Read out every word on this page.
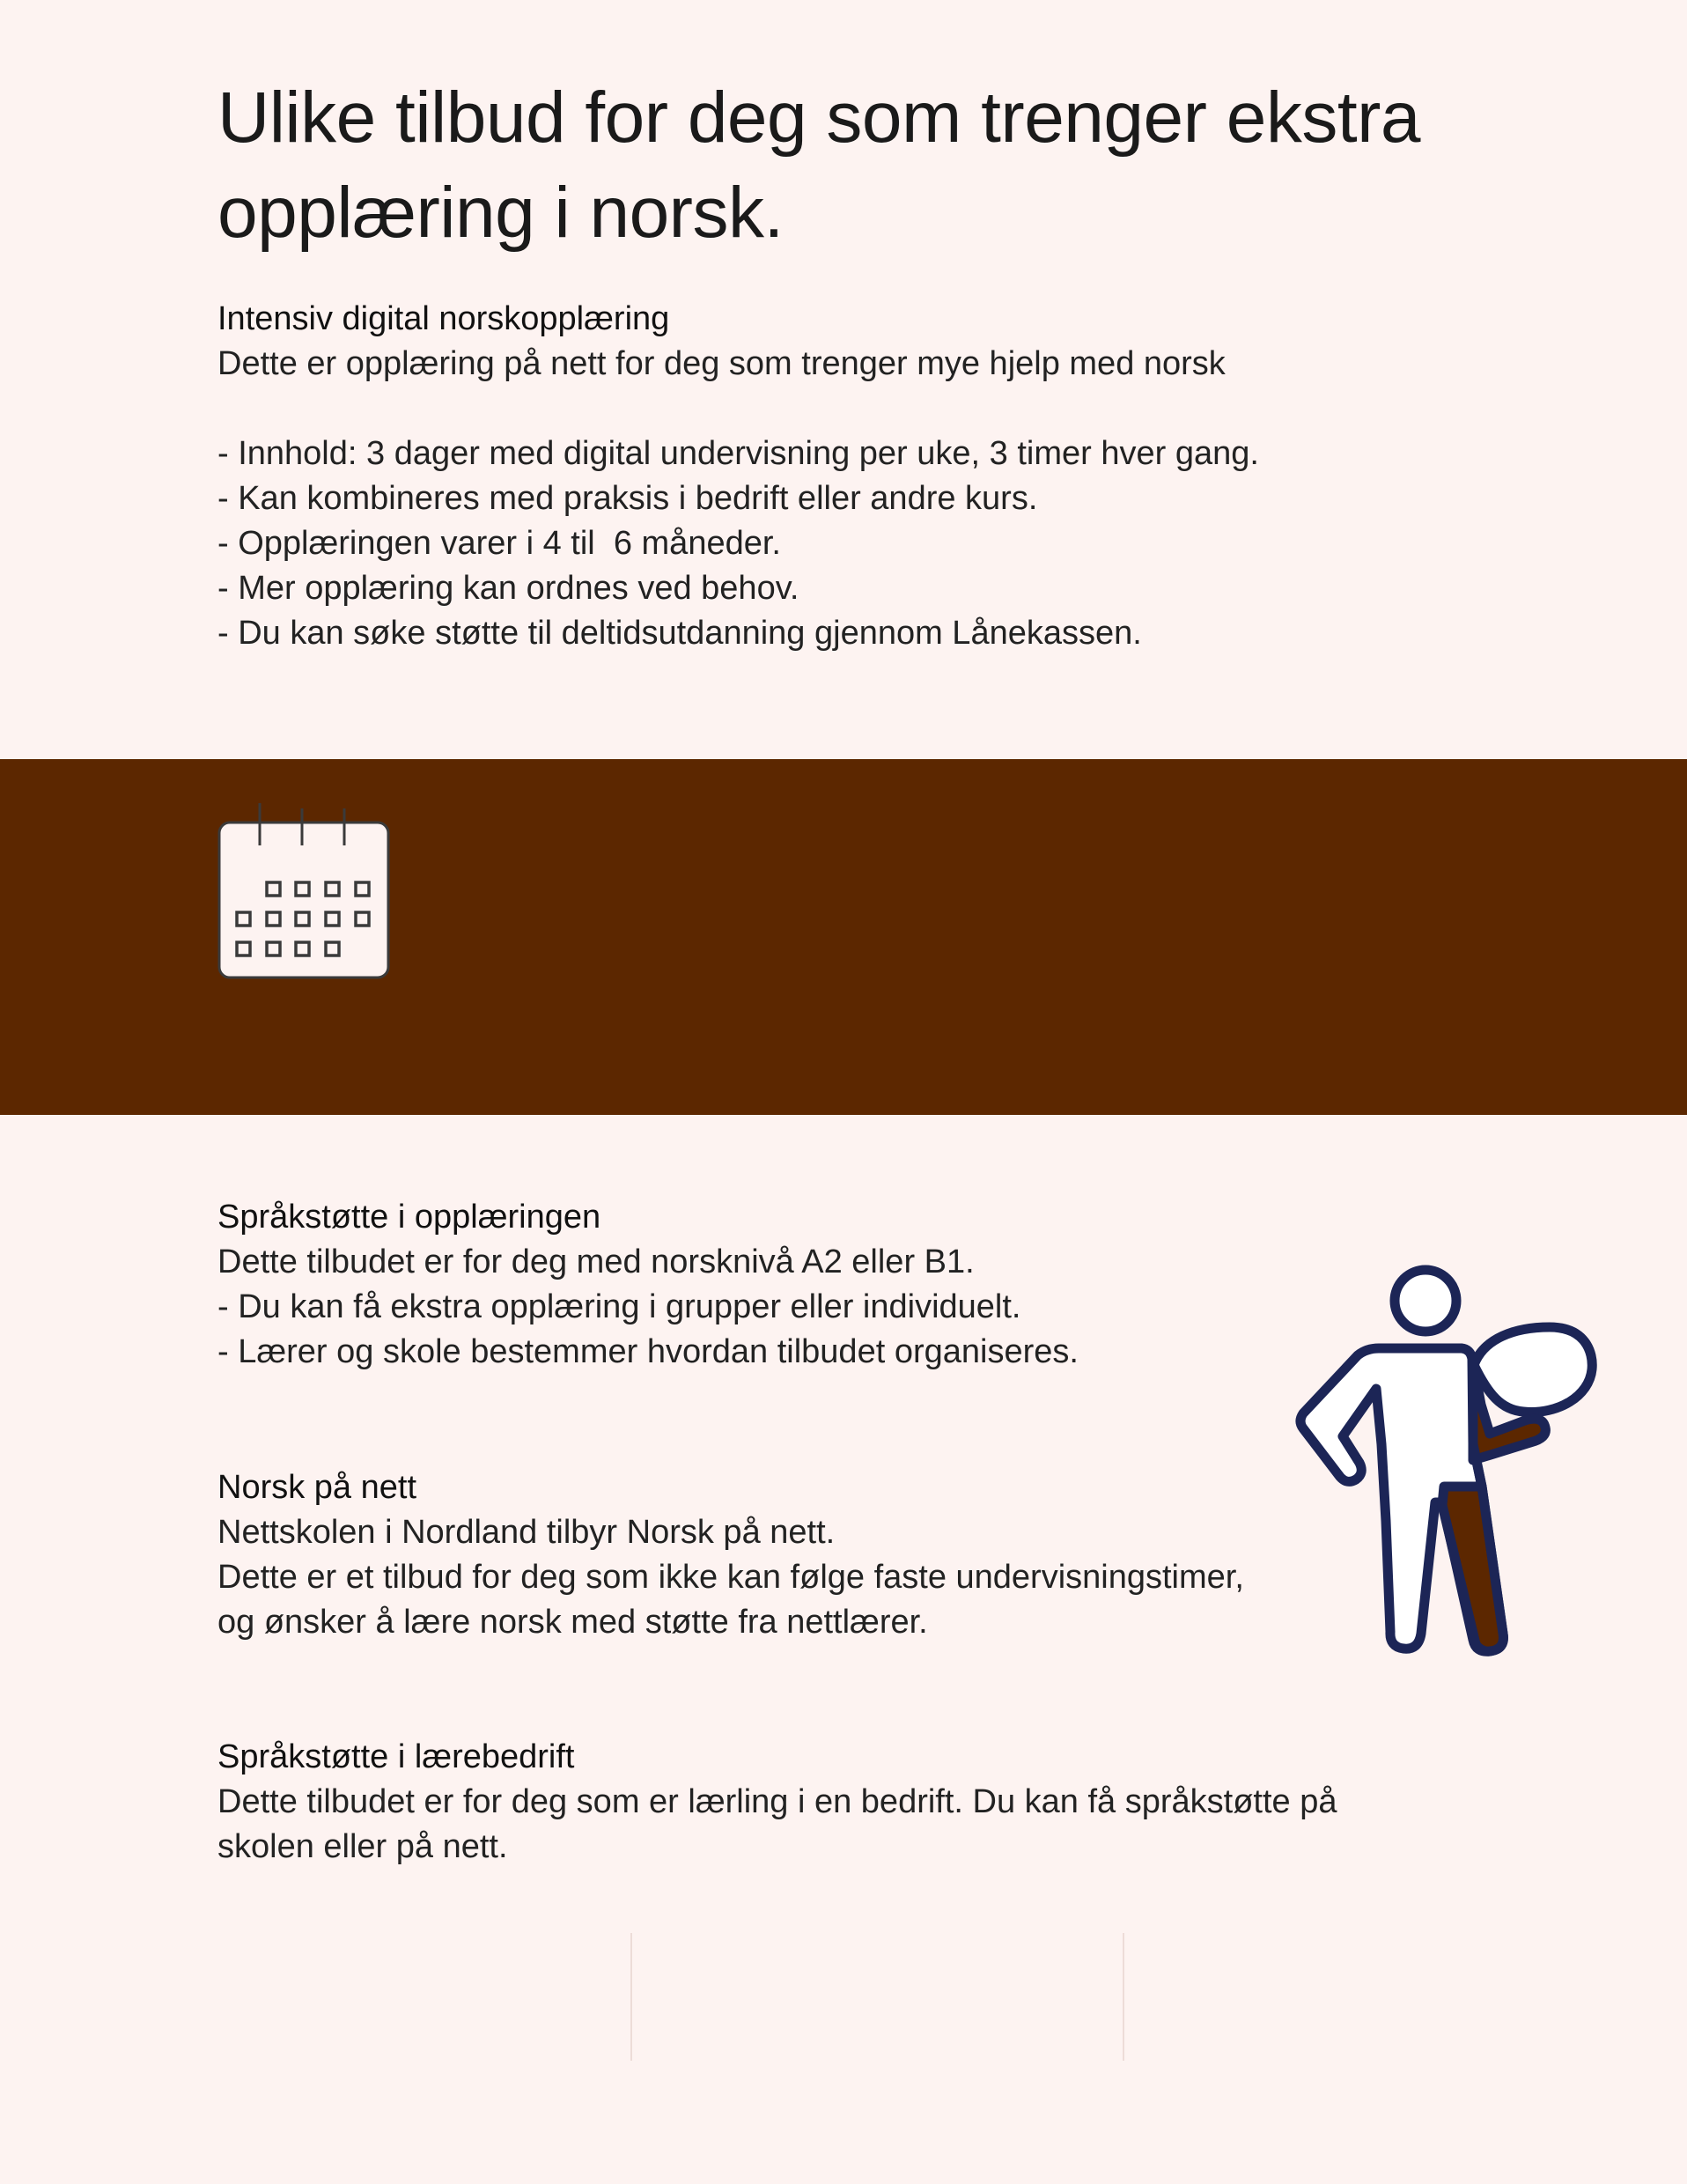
Ulike tilbud for deg som trenger ekstra opplæring i norsk.
Intensiv digital norskopplæring
Dette er opplæring på nett for deg som trenger mye hjelp med norsk
- Innhold: 3 dager med digital undervisning per uke, 3 timer hver gang.
- Kan kombineres med praksis i bedrift eller andre kurs.
- Opplæringen varer i 4 til  6 måneder.
- Mer opplæring kan ordnes ved behov.
- Du kan søke støtte til deltidsutdanning gjennom Lånekassen.
Språkstøtte i opplæringen
Dette tilbudet er for deg med norsknivå A2 eller B1.
- Du kan få ekstra opplæring i grupper eller individuelt.
- Lærer og skole bestemmer hvordan tilbudet organiseres.
Norsk på nett
Nettskolen i Nordland tilbyr Norsk på nett.
Dette er et tilbud for deg som ikke kan følge faste undervisningstimer,
og ønsker å lære norsk med støtte fra nettlærer.
Språkstøtte i lærebedrift
Dette tilbudet er for deg som er lærling i en bedrift. Du kan få språkstøtte på
skolen eller på nett.
